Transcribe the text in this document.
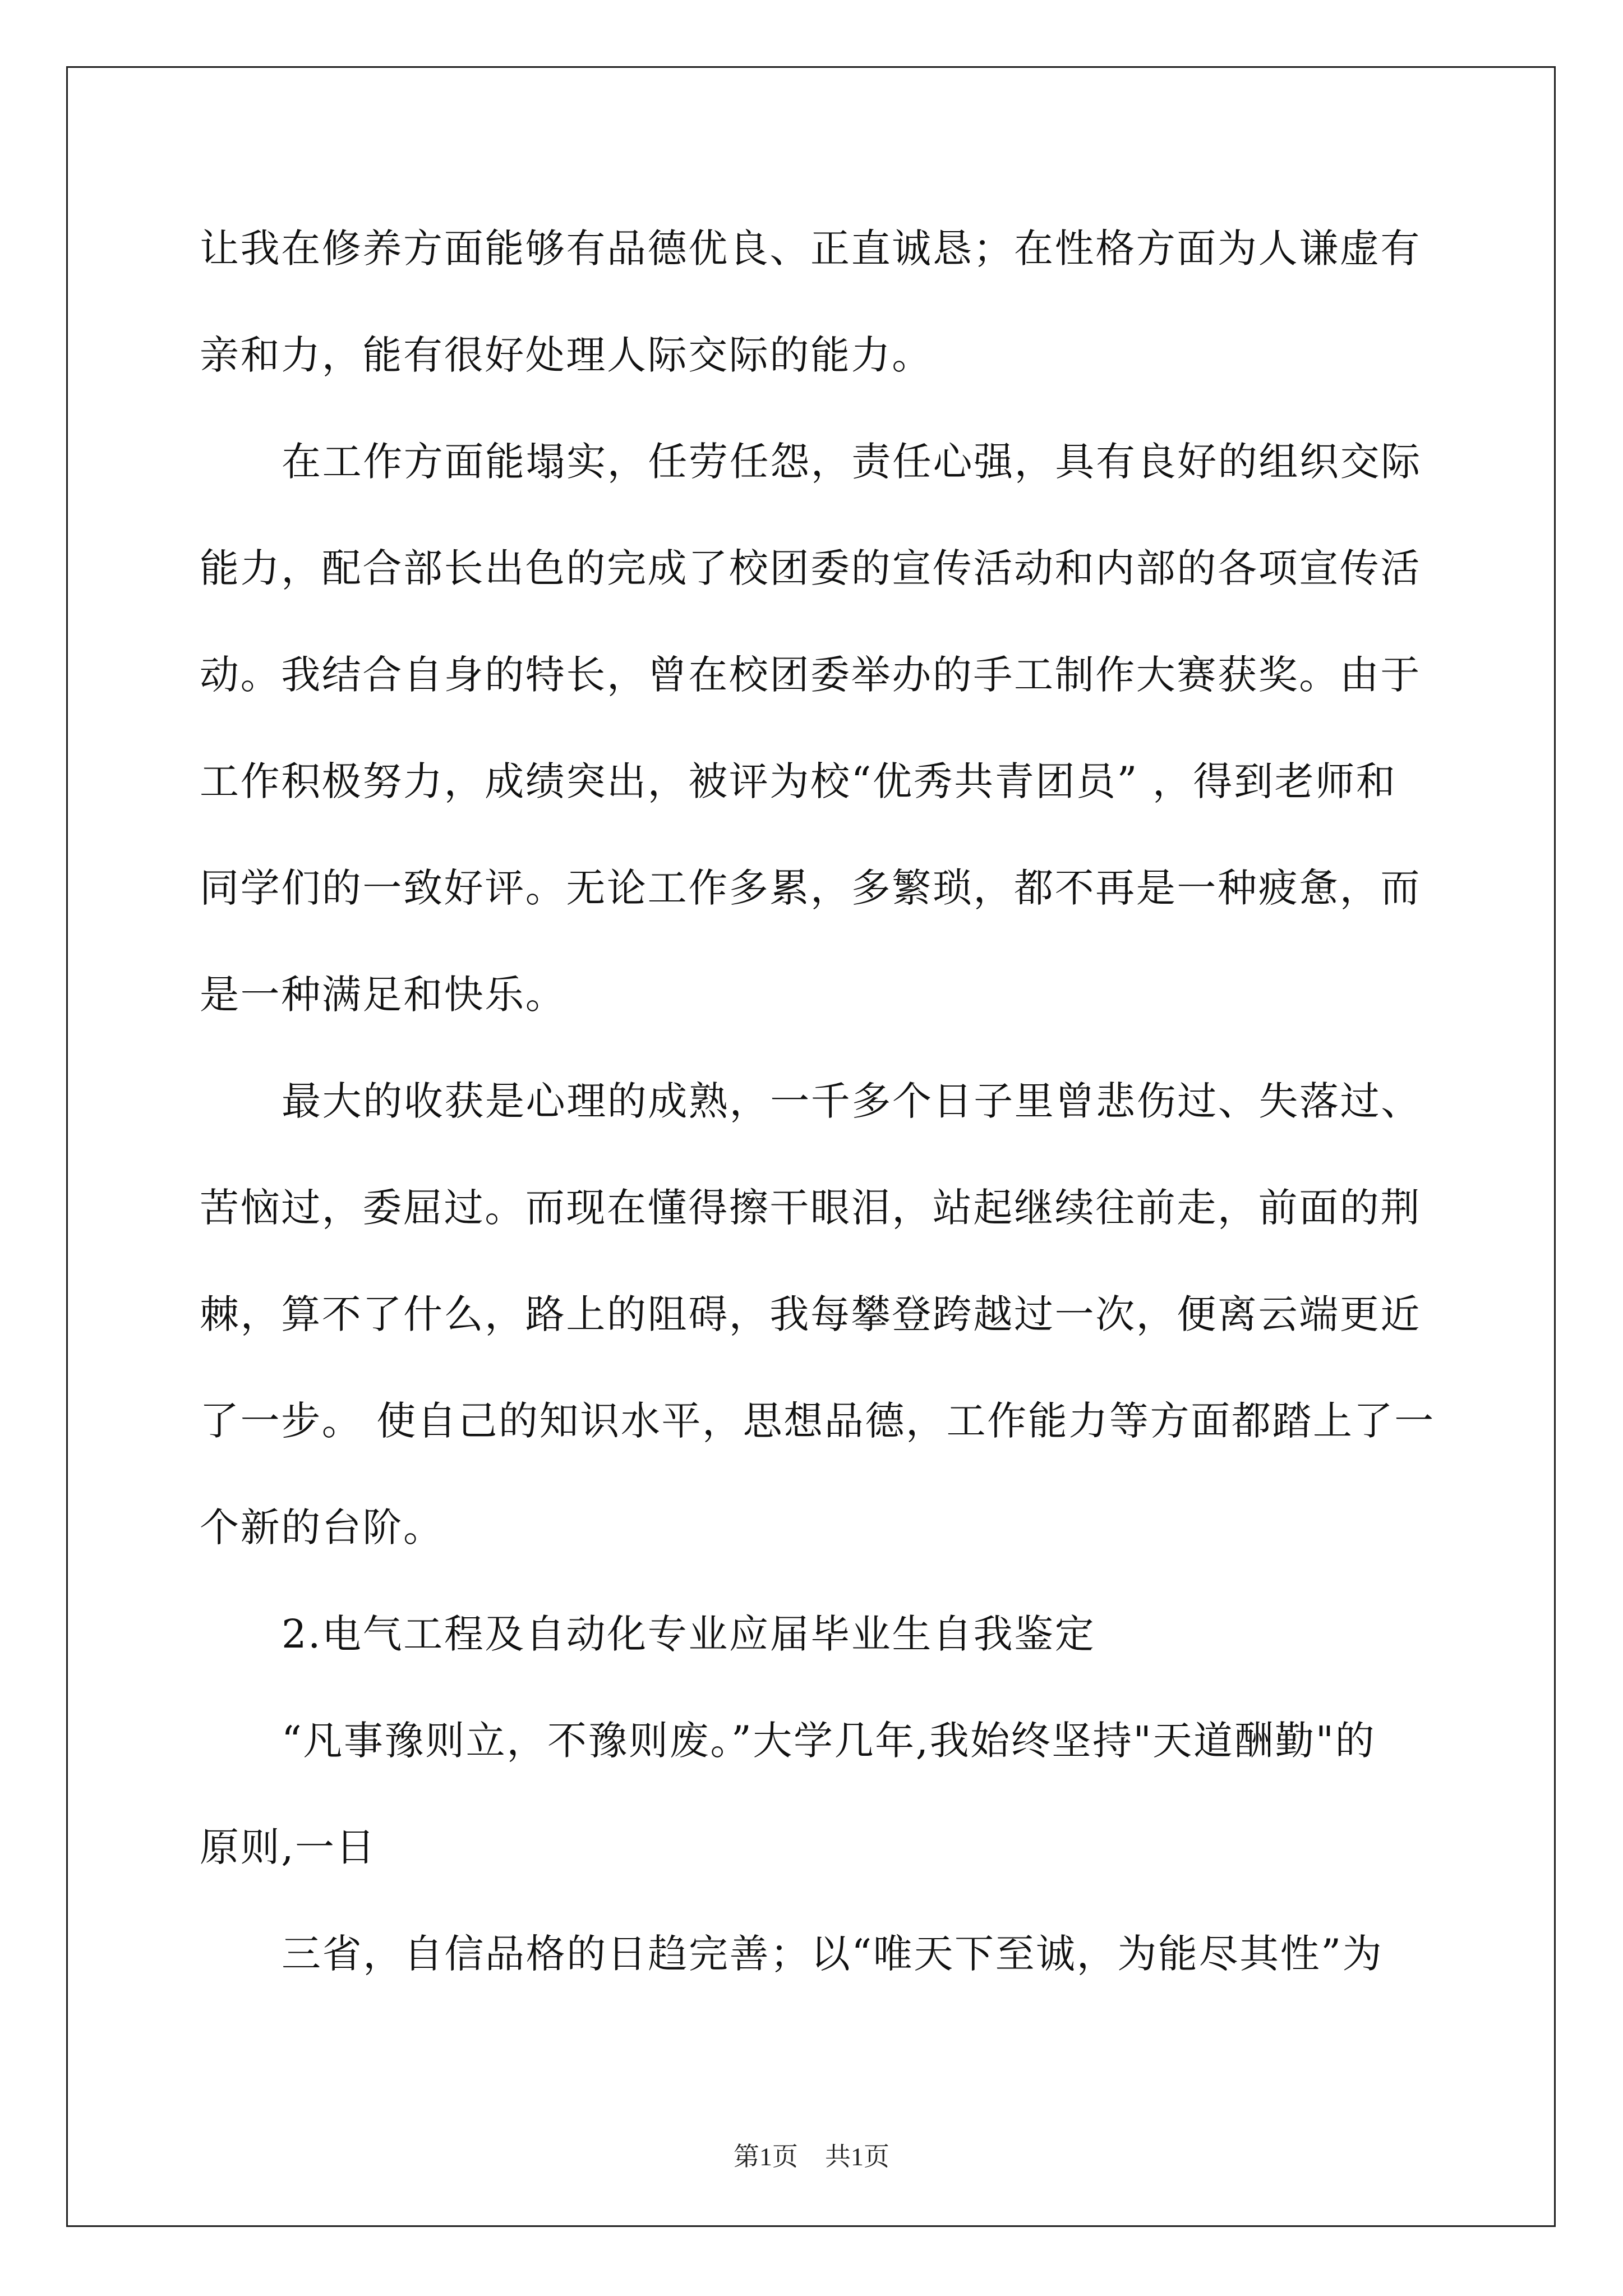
让我在修养方面能够有品德优良、正直诚恳；在性格方面为人谦虚有
亲和力，能有很好处理人际交际的能力。
在工作方面能塌实，任劳任怨，责任心强，具有良好的组织交际
能力，配合部长出色的完成了校团委的宣传活动和内部的各项宣传活
动。我结合自身的特长，曾在校团委举办的手工制作大赛获奖。由于
工作积极努力，成绩突出，被评为校“优秀共青团员” ，得到老师和
同学们的一致好评。无论工作多累，多繁琐，都不再是一种疲惫，而
是一种满足和快乐。
最大的收获是心理的成熟，一千多个日子里曾悲伤过、失落过、
苦恼过，委屈过。而现在懂得擦干眼泪，站起继续往前走，前面的荆
棘，算不了什么，路上的阻碍，我每攀登跨越过一次，便离云端更近
了一步。 使自己的知识水平，思想品德，工作能力等方面都踏上了一
个新的台阶。
2.电气工程及自动化专业应届毕业生自我鉴定
“凡事豫则立，不豫则废。”大学几年,我始终坚持"天道酬勤"的
原则,一日
三省，自信品格的日趋完善；以“唯天下至诚，为能尽其性”为
第1页 共1页
